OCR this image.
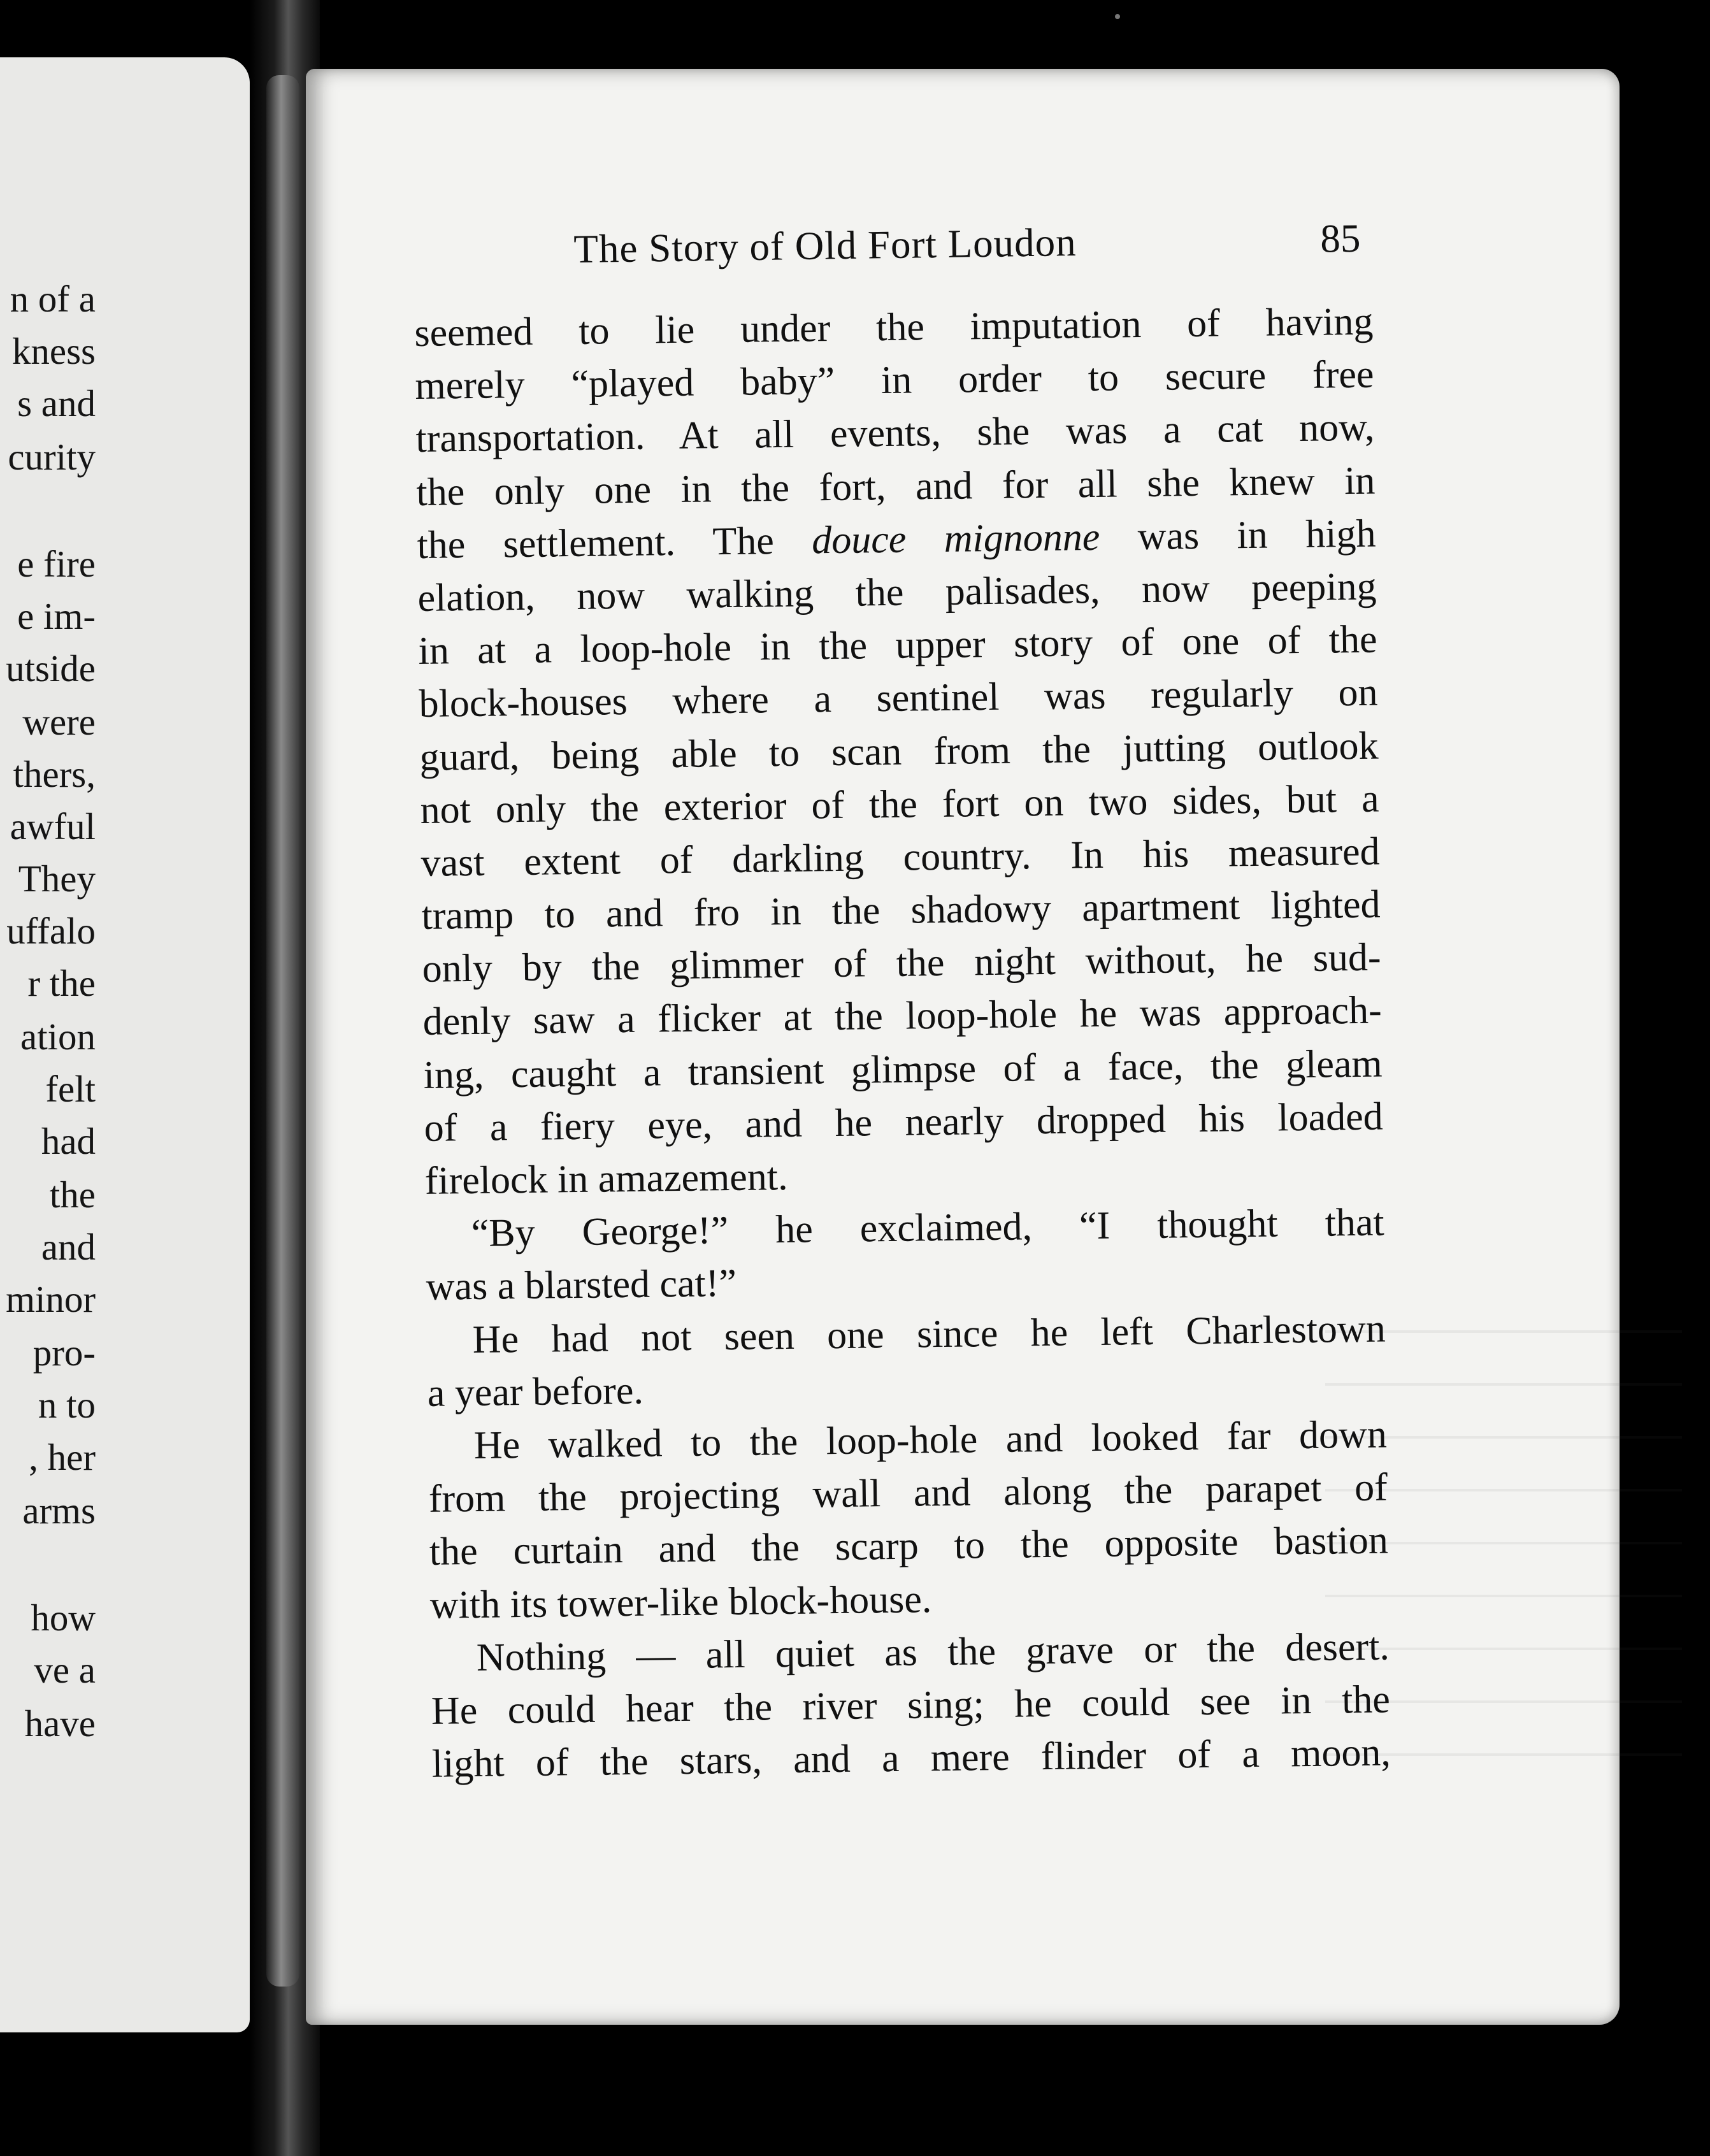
n of a
kness
s and
curity
e fire
e im-
utside
were
thers,
awful
They
uffalo
r the
ation
felt
had
the
and
minor
pro-
n to
, her
arms
how
ve a
have
The Story of Old Fort Loudon	85
seemed to lie under the imputation of having
merely “played baby” in order to secure free
transportation. At all events, she was a cat now,
the only one in the fort, and for all she knew in
the settlement. The douce mignonne was in high
elation, now walking the palisades, now peeping
in at a loop-hole in the upper story of one of the
block-houses where a sentinel was regularly on
guard, being able to scan from the jutting outlook
not only the exterior of the fort on two sides, but a
vast extent of darkling country. In his measured
tramp to and fro in the shadowy apartment lighted
only by the glimmer of the night without, he sud-
denly saw a flicker at the loop-hole he was approach-
ing, caught a transient glimpse of a face, the gleam
of a fiery eye, and he nearly dropped his loaded
firelock in amazement.
“By George!” he exclaimed, “I thought that
was a blarsted cat!”
He had not seen one since he left Charlestown
a year before.
He walked to the loop-hole and looked far down
from the projecting wall and along the parapet of
the curtain and the scarp to the opposite bastion
with its tower-like block-house.
Nothing — all quiet as the grave or the desert.
He could hear the river sing; he could see in the
light of the stars, and a mere flinder of a moon,
